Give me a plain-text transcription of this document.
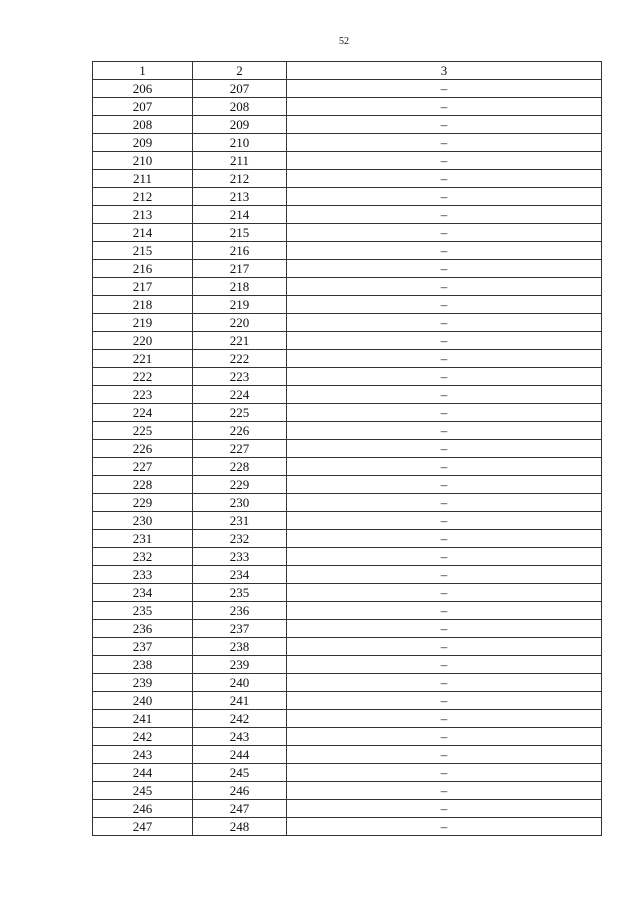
52
1	2	3
206	207	–
207	208	–
208	209	–
209	210	–
210	211	–
211	212	–
212	213	–
213	214	–
214	215	–
215	216	–
216	217	–
217	218	–
218	219	–
219	220	–
220	221	–
221	222	–
222	223	–
223	224	–
224	225	–
225	226	–
226	227	–
227	228	–
228	229	–
229	230	–
230	231	–
231	232	–
232	233	–
233	234	–
234	235	–
235	236	–
236	237	–
237	238	–
238	239	–
239	240	–
240	241	–
241	242	–
242	243	–
243	244	–
244	245	–
245	246	–
246	247	–
247	248	–
